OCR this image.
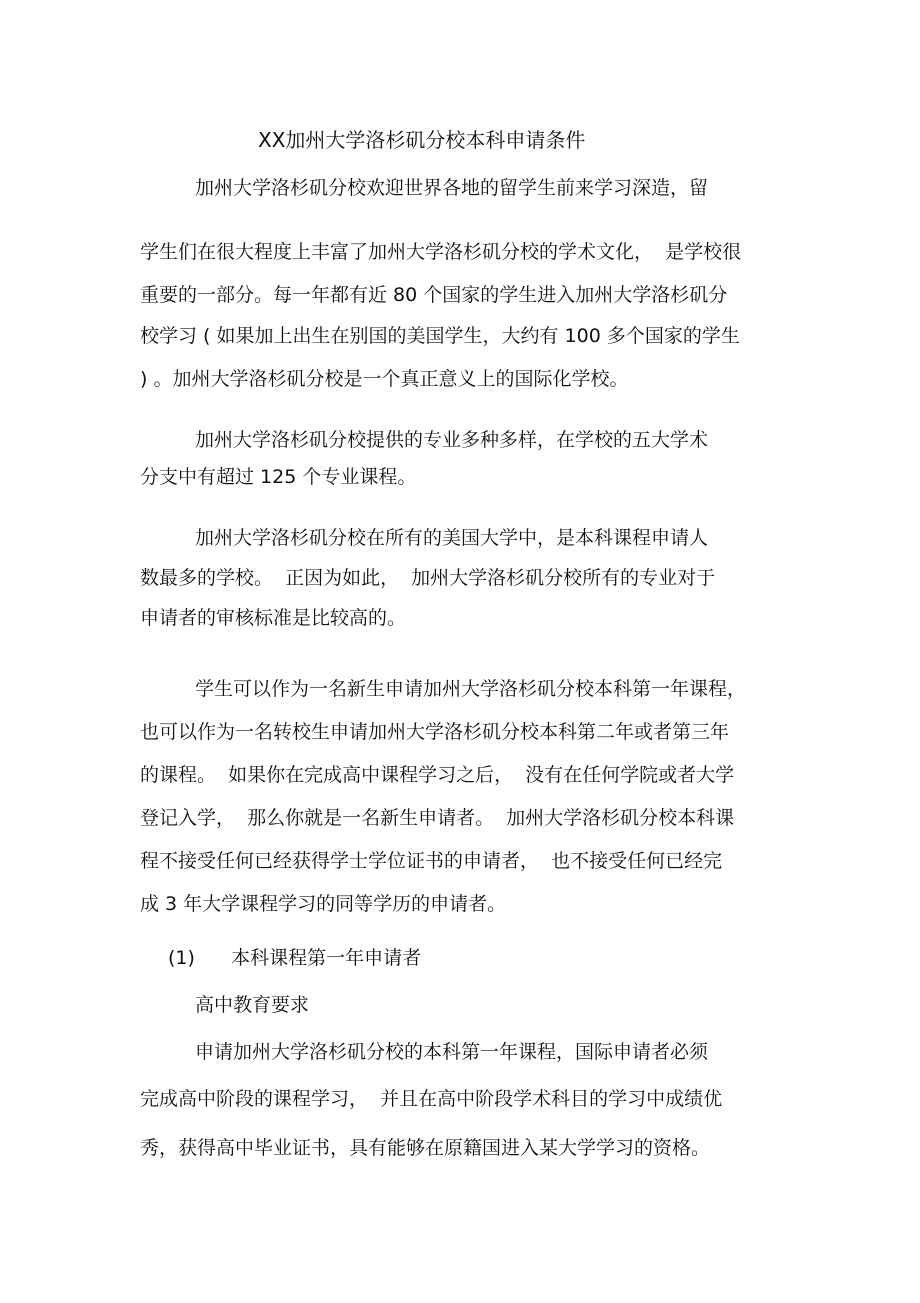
XX加州大学洛杉矶分校本科申请条件

加州大学洛杉矶分校欢迎世界各地的留学生前来学习深造，留

学生们在很大程度上丰富了加州大学洛杉矶分校的学术文化，  是学校很

重要的一部分。每一年都有近 80 个国家的学生进入加州大学洛杉矶分

校学习 ( 如果加上出生在别国的美国学生，大约有 100 多个国家的学生

) 。加州大学洛杉矶分校是一个真正意义上的国际化学校。

加州大学洛杉矶分校提供的专业多种多样，在学校的五大学术

分支中有超过 125 个专业课程。

加州大学洛杉矶分校在所有的美国大学中，是本科课程申请人

数最多的学校。  正因为如此，  加州大学洛杉矶分校所有的专业对于

申请者的审核标准是比较高的。

学生可以作为一名新生申请加州大学洛杉矶分校本科第一年课程，

也可以作为一名转校生申请加州大学洛杉矶分校本科第二年或者第三年

的课程。  如果你在完成高中课程学习之后，  没有在任何学院或者大学

登记入学，  那么你就是一名新生申请者。  加州大学洛杉矶分校本科课

程不接受任何已经获得学士学位证书的申请者，  也不接受任何已经完

成 3 年大学课程学习的同等学历的申请者。

(1)      本科课程第一年申请者

高中教育要求

申请加州大学洛杉矶分校的本科第一年课程，国际申请者必须

完成高中阶段的课程学习，  并且在高中阶段学术科目的学习中成绩优

秀，获得高中毕业证书，具有能够在原籍国进入某大学学习的资格。
